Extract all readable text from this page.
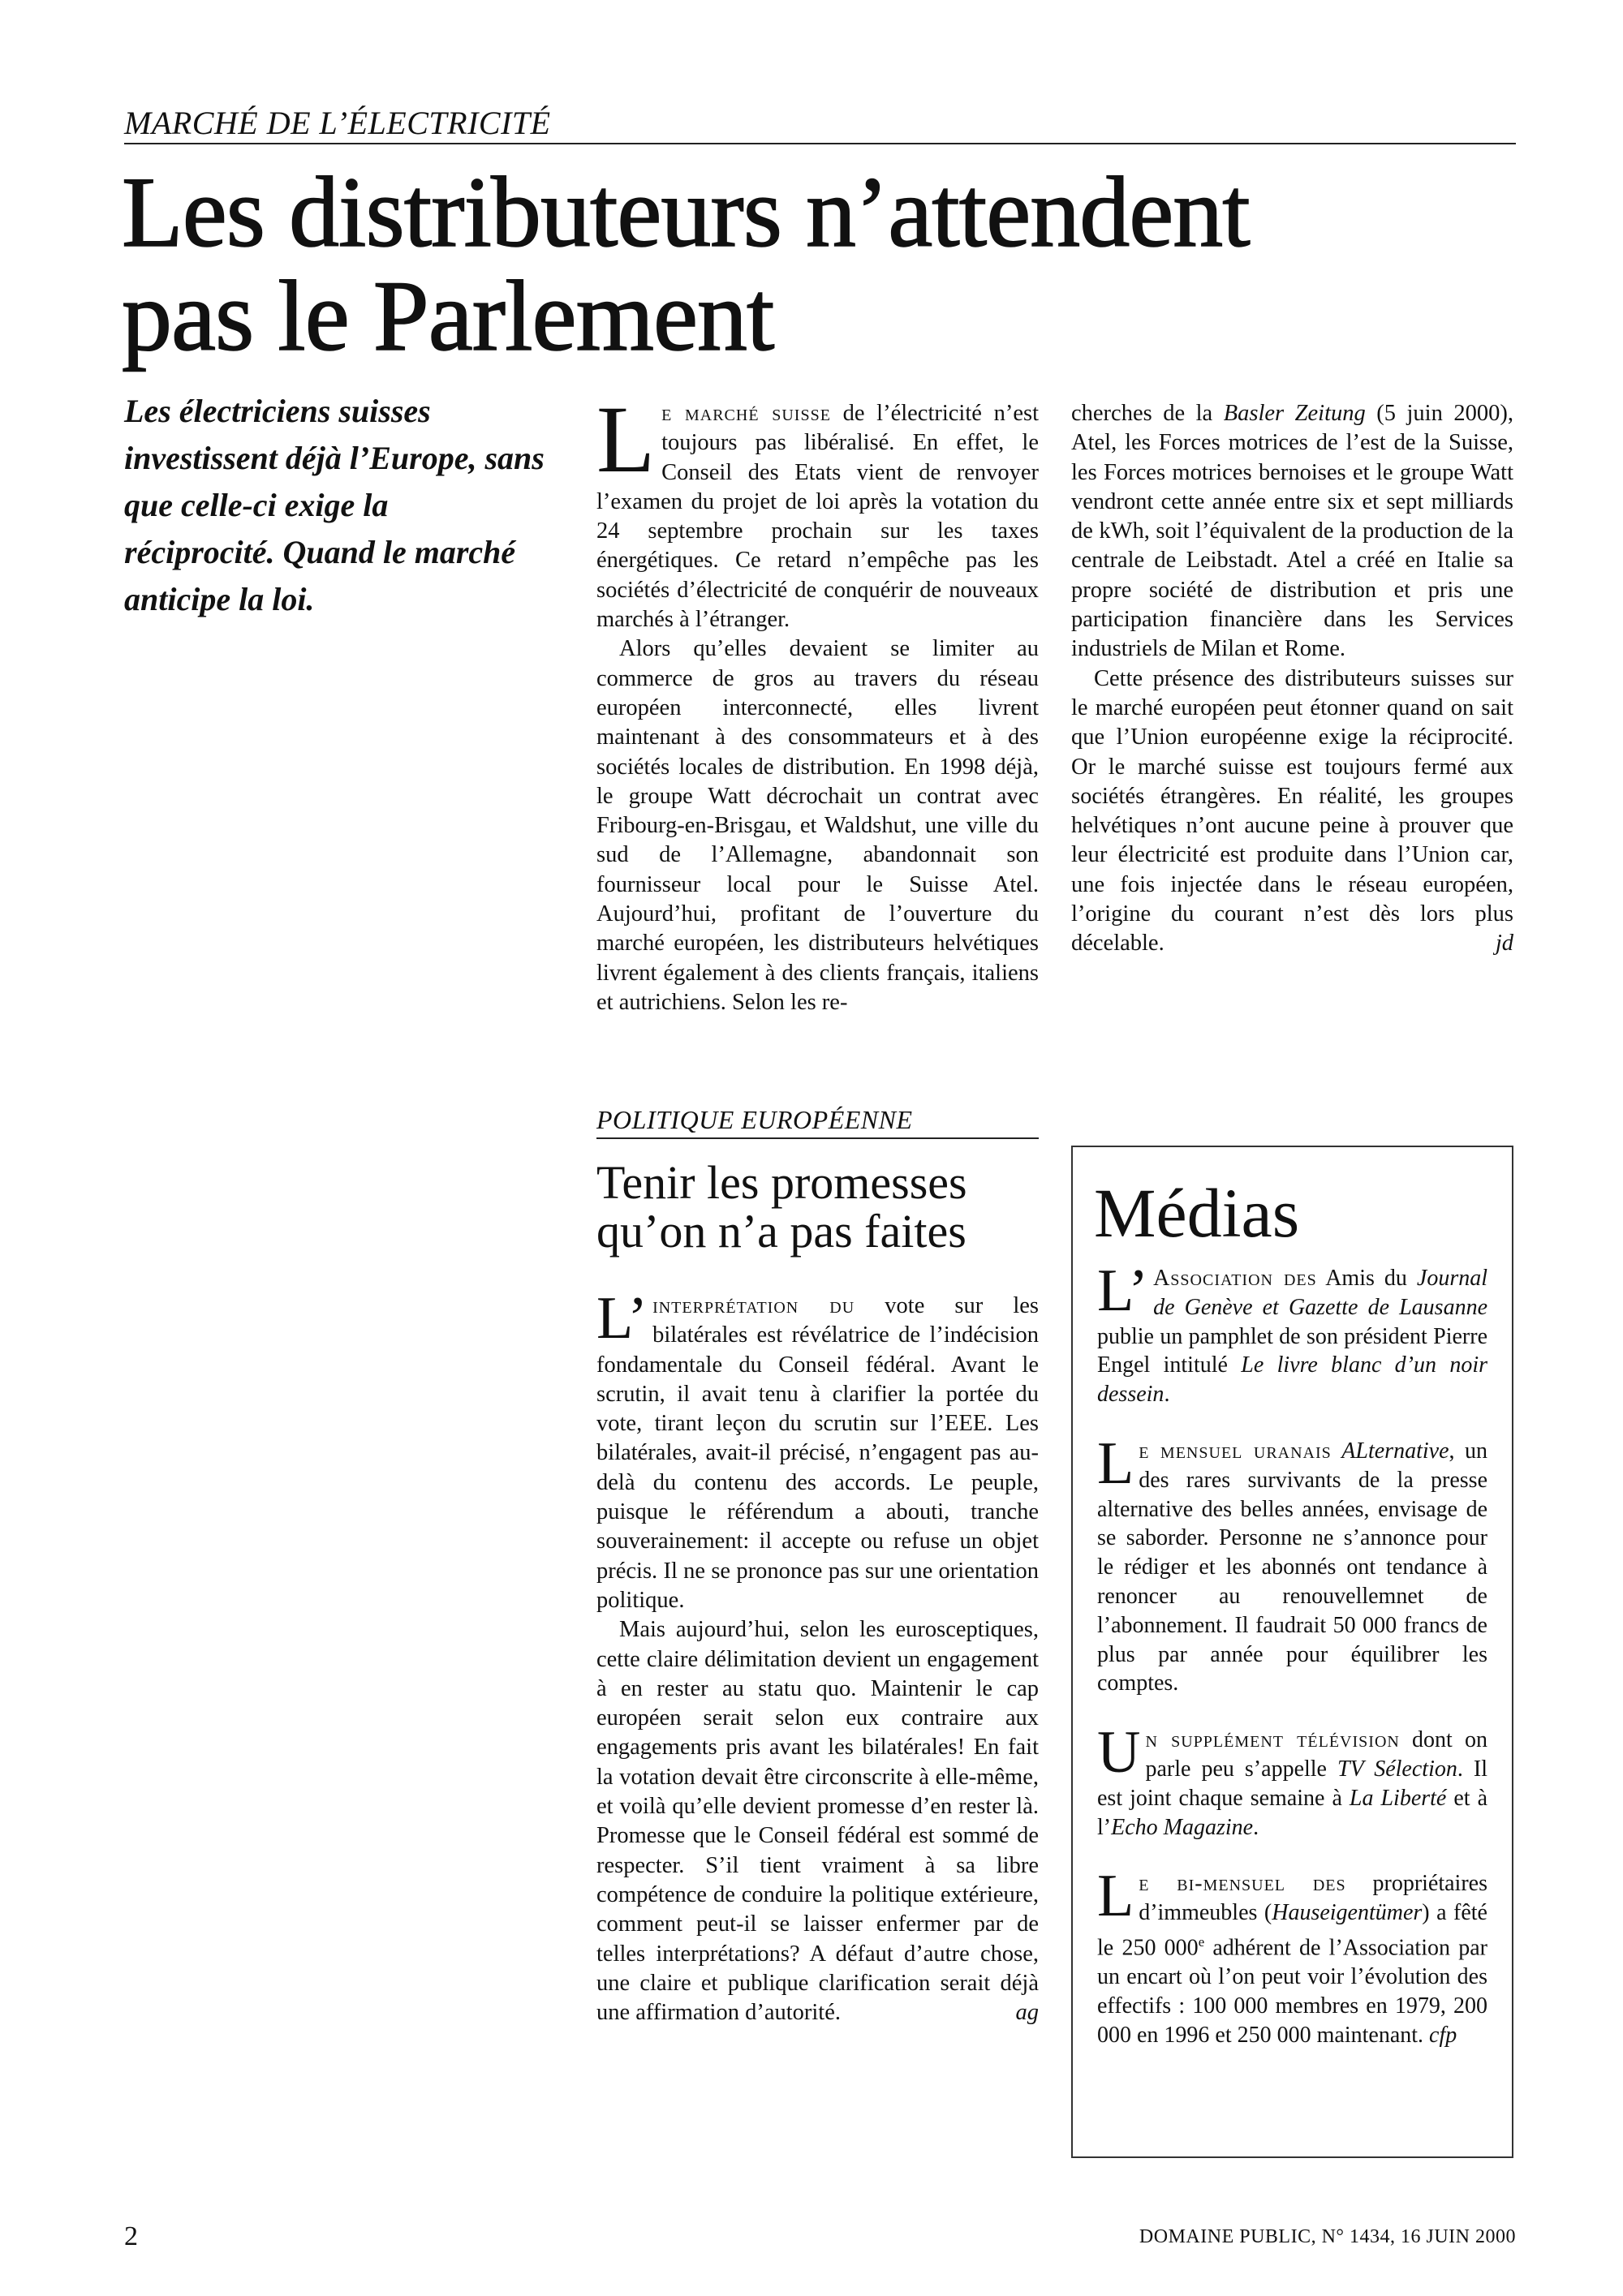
MARCHÉ DE L’ÉLECTRICITÉ
Les distributeurs n’attendent
pas le Parlement
Les électriciens suisses investissent déjà l’Europe, sans que celle-ci exige la réciprocité. Quand le marché anticipe la loi.

Le marché suisse de l’électricité n’est toujours pas libéralisé. En effet, le Conseil des Etats vient de renvoyer l’examen du projet de loi après la votation du 24 septembre prochain sur les taxes énergétiques. Ce retard n’empêche pas les sociétés d’électricité de conquérir de nouveaux marchés à l’étranger.

Alors qu’elles devaient se limiter au commerce de gros au travers du réseau européen interconnecté, elles livrent maintenant à des consommateurs et à des sociétés locales de distribution. En 1998 déjà, le groupe Watt décrochait un contrat avec Fribourg-en-Brisgau, et Waldshut, une ville du sud de l’Allemagne, abandonnait son fournisseur local pour le Suisse Atel. Aujourd’hui, profitant de l’ouverture du marché européen, les distributeurs helvétiques livrent également à des clients français, italiens et autrichiens. Selon les re-

cherches de la Basler Zeitung (5 juin 2000), Atel, les Forces motrices de l’est de la Suisse, les Forces motrices bernoises et le groupe Watt vendront cette année entre six et sept milliards de kWh, soit l’équivalent de la production de la centrale de Leibstadt. Atel a créé en Italie sa propre société de distribution et pris une participation financière dans les Services industriels de Milan et Rome.

Cette présence des distributeurs suisses sur le marché européen peut étonner quand on sait que l’Union européenne exige la réciprocité. Or le marché suisse est toujours fermé aux sociétés étrangères. En réalité, les groupes helvétiques n’ont aucune peine à prouver que leur électricité est produite dans l’Union car, une fois injectée dans le réseau européen, l’origine du courant n’est dès lors plus décelable.	jd

POLITIQUE EUROPÉENNE
Tenir les promesses
qu’on n’a pas faites

L’ interprétation du vote sur les bilatérales est révélatrice de l’indécision fondamentale du Conseil fédéral. Avant le scrutin, il avait tenu à clarifier la portée du vote, tirant leçon du scrutin sur l’EEE. Les bilatérales, avait-il précisé, n’engagent pas au-delà du contenu des accords. Le peuple, puisque le référendum a abouti, tranche souverainement: il accepte ou refuse un objet précis. Il ne se prononce pas sur une orientation politique.

Mais aujourd’hui, selon les eurosceptiques, cette claire délimitation devient un engagement à en rester au statu quo. Maintenir le cap européen serait selon eux contraire aux engagements pris avant les bilatérales! En fait la votation devait être circonscrite à elle-même, et voilà qu’elle devient promesse d’en rester là. Promesse que le Conseil fédéral est sommé de respecter. S’il tient vraiment à sa libre compétence de conduire la politique extérieure, comment peut-il se laisser enfermer par de telles interprétations? A défaut d’autre chose, une claire et publique clarification serait déjà une affirmation d’autorité.	ag

Médias

L’ Association des Amis du Journal de Genève et Gazette de Lausanne publie un pamphlet de son président Pierre Engel intitulé Le livre blanc d’un noir dessein.

Le mensuel uranais ALternative, un des rares survivants de la presse alternative des belles années, envisage de se saborder. Personne ne s’annonce pour le rédiger et les abonnés ont tendance à renoncer au renouvellemnet de l’abonnement. Il faudrait 50 000 francs de plus par année pour équilibrer les comptes.

Un supplément télévision dont on parle peu s’appelle TV Sélection. Il est joint chaque semaine à La Liberté et à l’Echo Magazine.

Le bi-mensuel des propriétaires d’immeubles (Hauseigentümer) a fêté le 250 000e adhérent de l’Association par un encart où l’on peut voir l’évolution des effectifs : 100 000 membres en 1979, 200 000 en 1996 et 250 000 maintenant. cfp

2	DOMAINE PUBLIC, N° 1434, 16 JUIN 2000
